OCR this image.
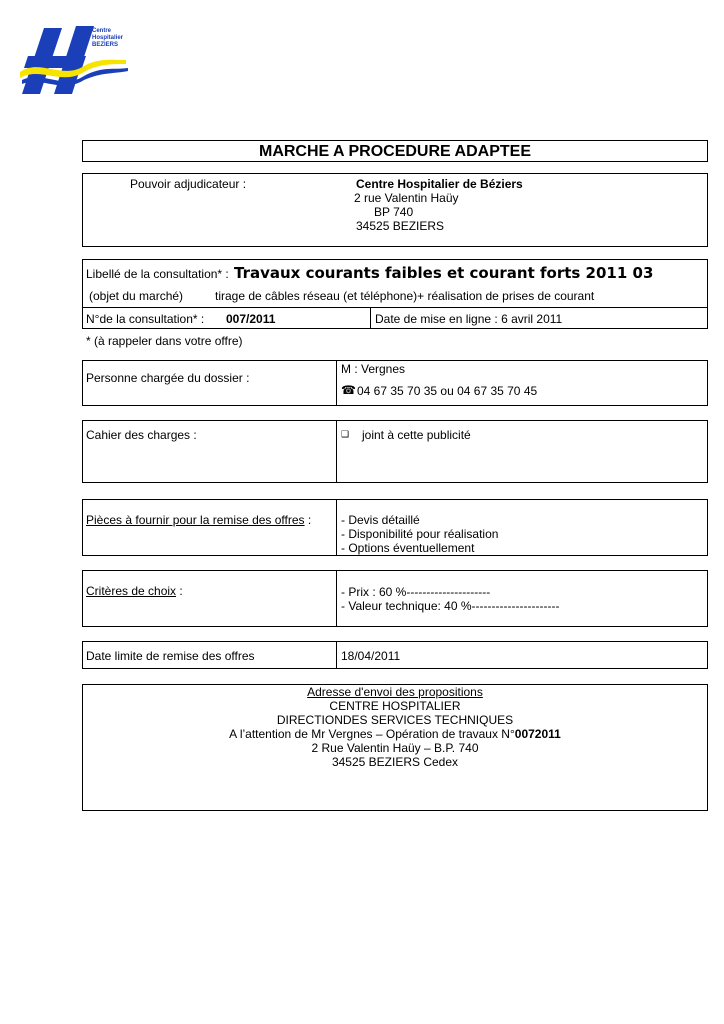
Centre
Hospitalier
BEZIERS
MARCHE A PROCEDURE ADAPTEE
Pouvoir adjudicateur :	Centre Hospitalier de Béziers
2 rue Valentin Haüy
BP 740
34525 BEZIERS
Libellé de la consultation* : Travaux courants faibles et courant forts 2011 03
(objet du marché)	tirage de câbles réseau (et téléphone)+ réalisation de prises de courant
N°de la consultation* : 007/2011	Date de mise en ligne : 6 avril 2011
* (à rappeler dans votre offre)
Personne chargée du dossier :
M : Vergnes
☎ 04 67 35 70 35 ou 04 67 35 70 45
Cahier des charges :	❑ joint à cette publicité
Pièces à fournir pour la remise des offres : - Devis détaillé
- Disponibilité pour réalisation
- Options éventuellement
Critères de choix :	- Prix : 60 %---------------------
- Valeur technique: 40 %----------------------
Date limite de remise des offres	18/04/2011
Adresse d'envoi des propositions
CENTRE HOSPITALIER
DIRECTIONDES SERVICES TECHNIQUES
A l’attention de Mr Vergnes – Opération de travaux N°0072011
2 Rue Valentin Haüy – B.P. 740
34525 BEZIERS Cedex
